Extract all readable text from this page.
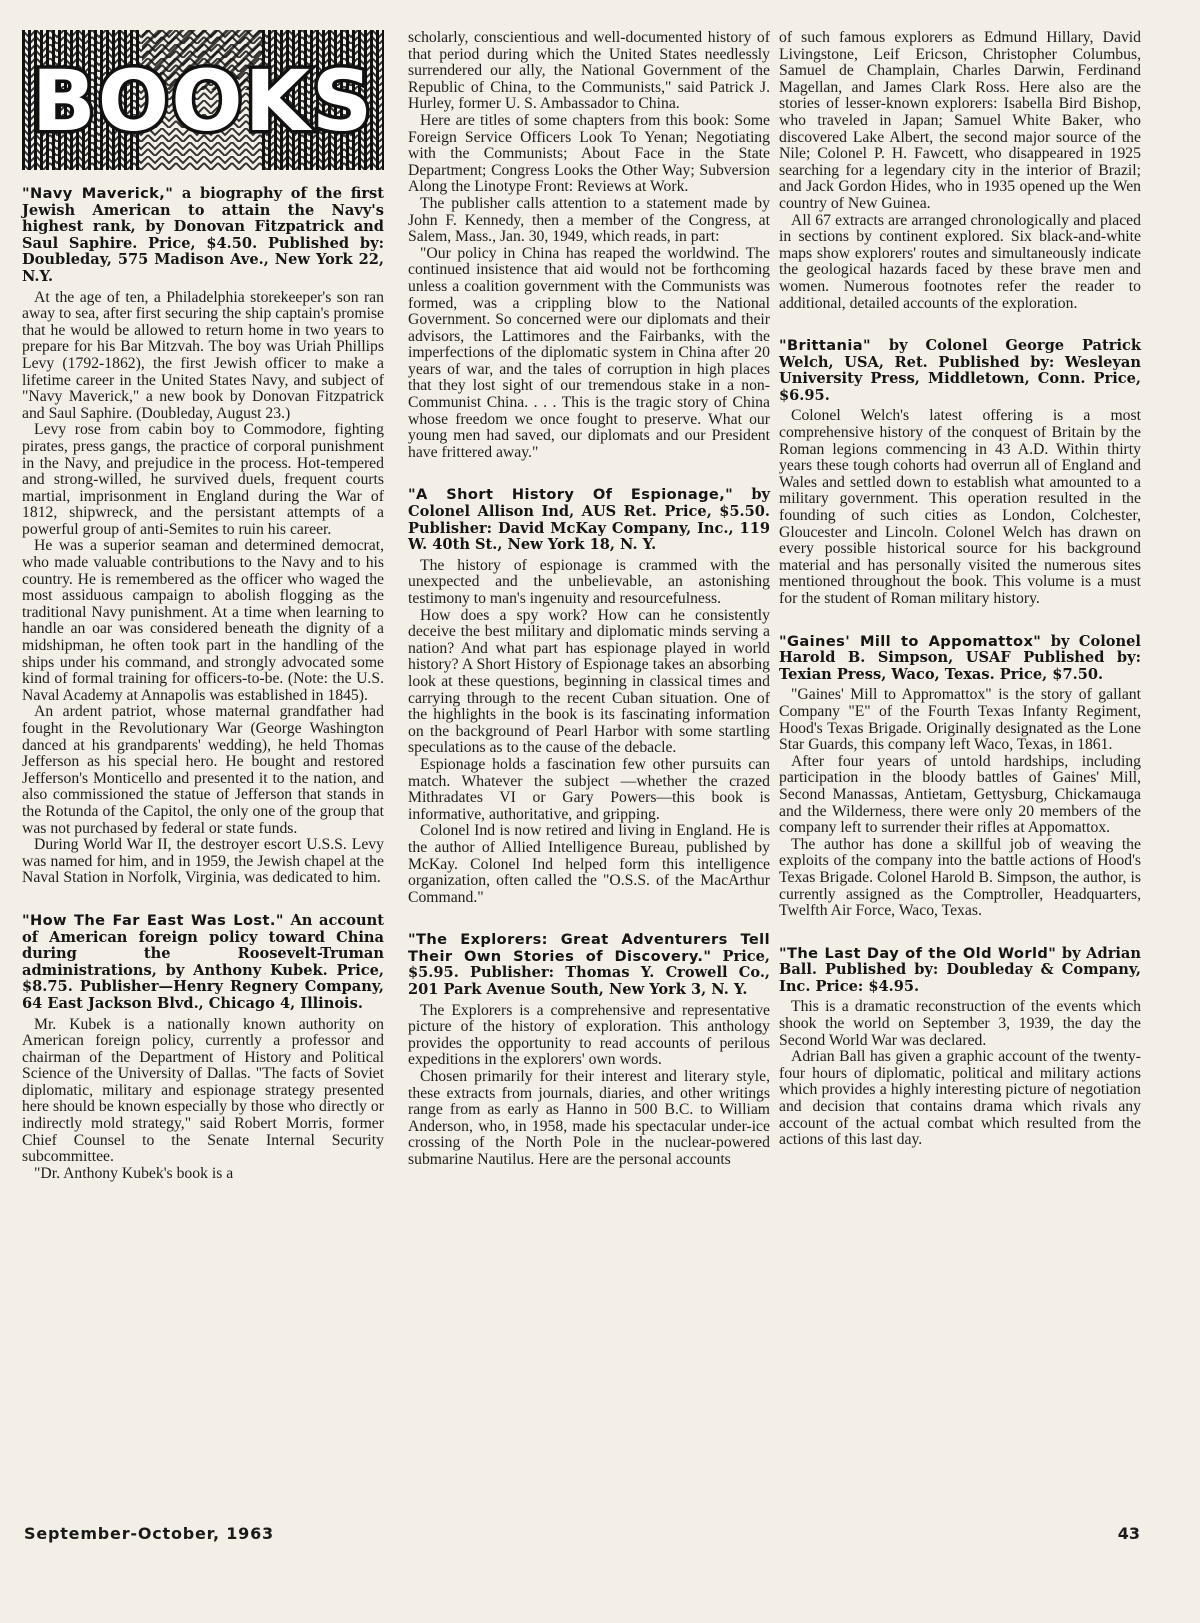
BOOKS
"Navy Maverick," a biography of the first Jewish American to attain the Navy's highest rank, by Donovan Fitzpatrick and Saul Saphire. Price, $4.50. Published by: Doubleday, 575 Madison Ave., New York 22, N.Y.

At the age of ten, a Philadelphia storekeeper's son ran away to sea, after first securing the ship captain's promise that he would be allowed to return home in two years to prepare for his Bar Mitzvah. The boy was Uriah Phillips Levy (1792-1862), the first Jewish officer to make a lifetime career in the United States Navy, and subject of "Navy Maverick," a new book by Donovan Fitzpatrick and Saul Saphire. (Doubleday, August 23.)

Levy rose from cabin boy to Commodore, fighting pirates, press gangs, the practice of corporal punishment in the Navy, and prejudice in the process. Hot-tempered and strong-willed, he survived duels, frequent courts martial, imprisonment in England during the War of 1812, shipwreck, and the persistant attempts of a powerful group of anti-Semites to ruin his career.

He was a superior seaman and determined democrat, who made valuable contributions to the Navy and to his country. He is remembered as the officer who waged the most assiduous campaign to abolish flogging as the traditional Navy punishment. At a time when learning to handle an oar was considered beneath the dignity of a midshipman, he often took part in the handling of the ships under his command, and strongly advocated some kind of formal training for officers-to-be. (Note: the U.S. Naval Academy at Annapolis was established in 1845).

An ardent patriot, whose maternal grandfather had fought in the Revolutionary War (George Washington danced at his grandparents' wedding), he held Thomas Jefferson as his special hero. He bought and restored Jefferson's Monticello and presented it to the nation, and also commissioned the statue of Jefferson that stands in the Rotunda of the Capitol, the only one of the group that was not purchased by federal or state funds.

During World War II, the destroyer escort U.S.S. Levy was named for him, and in 1959, the Jewish chapel at the Naval Station in Norfolk, Virginia, was dedicated to him.

"How The Far East Was Lost." An account of American foreign policy toward China during the Roosevelt-Truman administrations, by Anthony Kubek. Price, $8.75. Publisher—Henry Regnery Company, 64 East Jackson Blvd., Chicago 4, Illinois.

Mr. Kubek is a nationally known authority on American foreign policy, currently a professor and chairman of the Department of History and Political Science of the University of Dallas. "The facts of Soviet diplomatic, military and espionage strategy presented here should be known especially by those who directly or indirectly mold strategy," said Robert Morris, former Chief Counsel to the Senate Internal Security subcommittee.

"Dr. Anthony Kubek's book is a

scholarly, conscientious and well-documented history of that period during which the United States needlessly surrendered our ally, the National Government of the Republic of China, to the Communists," said Patrick J. Hurley, former U. S. Ambassador to China.

Here are titles of some chapters from this book: Some Foreign Service Officers Look To Yenan; Negotiating with the Communists; About Face in the State Department; Congress Looks the Other Way; Subversion Along the Linotype Front: Reviews at Work.

The publisher calls attention to a statement made by John F. Kennedy, then a member of the Congress, at Salem, Mass., Jan. 30, 1949, which reads, in part:

"Our policy in China has reaped the worldwind. The continued insistence that aid would not be forthcoming unless a coalition government with the Communists was formed, was a crippling blow to the National Government. So concerned were our diplomats and their advisors, the Lattimores and the Fairbanks, with the imperfections of the diplomatic system in China after 20 years of war, and the tales of corruption in high places that they lost sight of our tremendous stake in a non-Communist China. . . . This is the tragic story of China whose freedom we once fought to preserve. What our young men had saved, our diplomats and our President have frittered away."

"A Short History Of Espionage," by Colonel Allison Ind, AUS Ret. Price, $5.50. Publisher: David McKay Company, Inc., 119 W. 40th St., New York 18, N. Y.

The history of espionage is crammed with the unexpected and the unbelievable, an astonishing testimony to man's ingenuity and resourcefulness.

How does a spy work? How can he consistently deceive the best military and diplomatic minds serving a nation? And what part has espionage played in world history? A Short History of Espionage takes an absorbing look at these questions, beginning in classical times and carrying through to the recent Cuban situation. One of the highlights in the book is its fascinating information on the background of Pearl Harbor with some startling speculations as to the cause of the debacle.

Espionage holds a fascination few other pursuits can match. Whatever the subject —whether the crazed Mithradates VI or Gary Powers—this book is informative, authoritative, and gripping.

Colonel Ind is now retired and living in England. He is the author of Allied Intelligence Bureau, published by McKay. Colonel Ind helped form this intelligence organization, often called the "O.S.S. of the MacArthur Command."

"The Explorers: Great Adventurers Tell Their Own Stories of Discovery." Price, $5.95. Publisher: Thomas Y. Crowell Co., 201 Park Avenue South, New York 3, N. Y.

The Explorers is a comprehensive and representative picture of the history of exploration. This anthology provides the opportunity to read accounts of perilous expeditions in the explorers' own words.

Chosen primarily for their interest and literary style, these extracts from journals, diaries, and other writings range from as early as Hanno in 500 B.C. to William Anderson, who, in 1958, made his spectacular under-ice crossing of the North Pole in the nuclear-powered submarine Nautilus. Here are the personal accounts

of such famous explorers as Edmund Hillary, David Livingstone, Leif Ericson, Christopher Columbus, Samuel de Champlain, Charles Darwin, Ferdinand Magellan, and James Clark Ross. Here also are the stories of lesser-known explorers: Isabella Bird Bishop, who traveled in Japan; Samuel White Baker, who discovered Lake Albert, the second major source of the Nile; Colonel P. H. Fawcett, who disappeared in 1925 searching for a legendary city in the interior of Brazil; and Jack Gordon Hides, who in 1935 opened up the Wen country of New Guinea.

All 67 extracts are arranged chronologically and placed in sections by continent explored. Six black-and-white maps show explorers' routes and simultaneously indicate the geological hazards faced by these brave men and women. Numerous footnotes refer the reader to additional, detailed accounts of the exploration.

"Brittania" by Colonel George Patrick Welch, USA, Ret. Published by: Wesleyan University Press, Middletown, Conn. Price, $6.95.

Colonel Welch's latest offering is a most comprehensive history of the conquest of Britain by the Roman legions commencing in 43 A.D. Within thirty years these tough cohorts had overrun all of England and Wales and settled down to establish what amounted to a military government. This operation resulted in the founding of such cities as London, Colchester, Gloucester and Lincoln. Colonel Welch has drawn on every possible historical source for his background material and has personally visited the numerous sites mentioned throughout the book. This volume is a must for the student of Roman military history.

"Gaines' Mill to Appomattox" by Colonel Harold B. Simpson, USAF Published by: Texian Press, Waco, Texas. Price, $7.50.

"Gaines' Mill to Appromattox" is the story of gallant Company "E" of the Fourth Texas Infanty Regiment, Hood's Texas Brigade. Originally designated as the Lone Star Guards, this company left Waco, Texas, in 1861.

After four years of untold hardships, including participation in the bloody battles of Gaines' Mill, Second Manassas, Antietam, Gettysburg, Chickamauga and the Wilderness, there were only 20 members of the company left to surrender their rifles at Appomattox.

The author has done a skillful job of weaving the exploits of the company into the battle actions of Hood's Texas Brigade. Colonel Harold B. Simpson, the author, is currently assigned as the Comptroller, Headquarters, Twelfth Air Force, Waco, Texas.

"The Last Day of the Old World" by Adrian Ball. Published by: Doubleday & Company, Inc. Price: $4.95.

This is a dramatic reconstruction of the events which shook the world on September 3, 1939, the day the Second World War was declared.

Adrian Ball has given a graphic account of the twenty-four hours of diplomatic, political and military actions which provides a highly interesting picture of negotiation and decision that contains drama which rivals any account of the actual combat which resulted from the actions of this last day.

September-October, 1963	43
